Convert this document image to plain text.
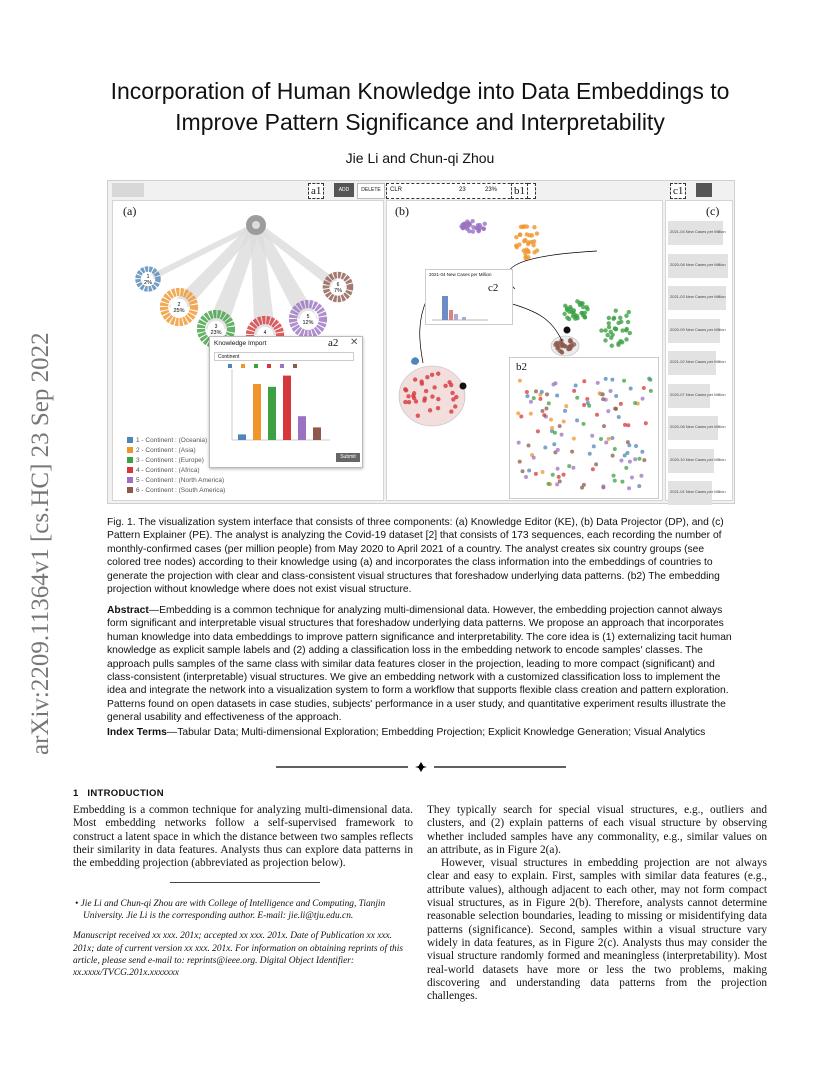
arXiv:2209.11364v1 [cs.HC] 23 Sep 2022
Incorporation of Human Knowledge into Data Embeddings to
Improve Pattern Significance and Interpretability
Jie Li and Chun-qi Zhou
a1	ADD	DELETE	CLR	23	23% b1	c1
(a)
1
2%
2
25%
3
23%	4
5
12%
6
7%
Knowledge Import	a2 ✕
Continent
Submit
1 - Continent : (Oceania)
2 - Continent : (Asia)
3 - Continent : (Europe)
4 - Continent : (Africa)
5 - Continent : (North America)
6 - Continent : (South America)
(b)
2021-04 New Cases per Million
c2
b2
(c)
2021-04 New Cases per Million
2020-08 New Cases per Million
2021-03 New Cases per Million
2020-09 New Cases per Million
2021-02 New Cases per Million
2020-07 New Cases per Million
2020-06 New Cases per Million
2020-10 New Cases per Million
2021-01 New Cases per Million
Fig. 1. The visualization system interface that consists of three components: (a) Knowledge Editor (KE), (b) Data Projector (DP), and (c) Pattern Explainer (PE). The analyst is analyzing the Covid-19 dataset [2] that consists of 173 sequences, each recording the number of monthly-confirmed cases (per million people) from May 2020 to April 2021 of a country. The analyst creates six country groups (see colored tree nodes) according to their knowledge using (a) and incorporates the class information into the embeddings of countries to generate the projection with clear and class-consistent visual structures that foreshadow underlying data patterns. (b2) The embedding projection without knowledge where does not exist visual structure.
Abstract—Embedding is a common technique for analyzing multi-dimensional data. However, the embedding projection cannot always form significant and interpretable visual structures that foreshadow underlying data patterns. We propose an approach that incorporates human knowledge into data embeddings to improve pattern significance and interpretability. The core idea is (1) externalizing tacit human knowledge as explicit sample labels and (2) adding a classification loss in the embedding network to encode samples' classes. The approach pulls samples of the same class with similar data features closer in the projection, leading to more compact (significant) and class-consistent (interpretable) visual structures. We give an embedding network with a customized classification loss to implement the idea and integrate the network into a visualization system to form a workflow that supports flexible class creation and pattern exploration. Patterns found on open datasets in case studies, subjects' performance in a user study, and quantitative experiment results illustrate the general usability and effectiveness of the approach.
Index Terms—Tabular Data; Multi-dimensional Exploration; Embedding Projection; Explicit Knowledge Generation; Visual Analytics
1 INTRODUCTION
Embedding is a common technique for analyzing multi-dimensional data. Most embedding networks follow a self-supervised framework to construct a latent space in which the distance between two samples reflects their similarity in data features. Analysts thus can explore data patterns in the embedding projection (abbreviated as projection below).
• Jie Li and Chun-qi Zhou are with College of Intelligence and Computing, Tianjin University. Jie Li is the corresponding author. E-mail: jie.li@tju.edu.cn.
Manuscript received xx xxx. 201x; accepted xx xxx. 201x. Date of Publication xx xxx. 201x; date of current version xx xxx. 201x. For information on obtaining reprints of this article, please send e-mail to: reprints@ieee.org. Digital Object Identifier: xx.xxxx/TVCG.201x.xxxxxxx
They typically search for special visual structures, e.g., outliers and clusters, and (2) explain patterns of each visual structure by observing whether included samples have any commonality, e.g., similar values on an attribute, as in Figure 2(a).
However, visual structures in embedding projection are not always clear and easy to explain. First, samples with similar data features (e.g., attribute values), although adjacent to each other, may not form compact visual structures, as in Figure 2(b). Therefore, analysts cannot determine reasonable selection boundaries, leading to missing or misidentifying data patterns (significance). Second, samples within a visual structure vary widely in data features, as in Figure 2(c). Analysts thus may consider the visual structure randomly formed and meaningless (interpretability). Most real-world datasets have more or less the two problems, making discovering and understanding data patterns from the projection challenges.
